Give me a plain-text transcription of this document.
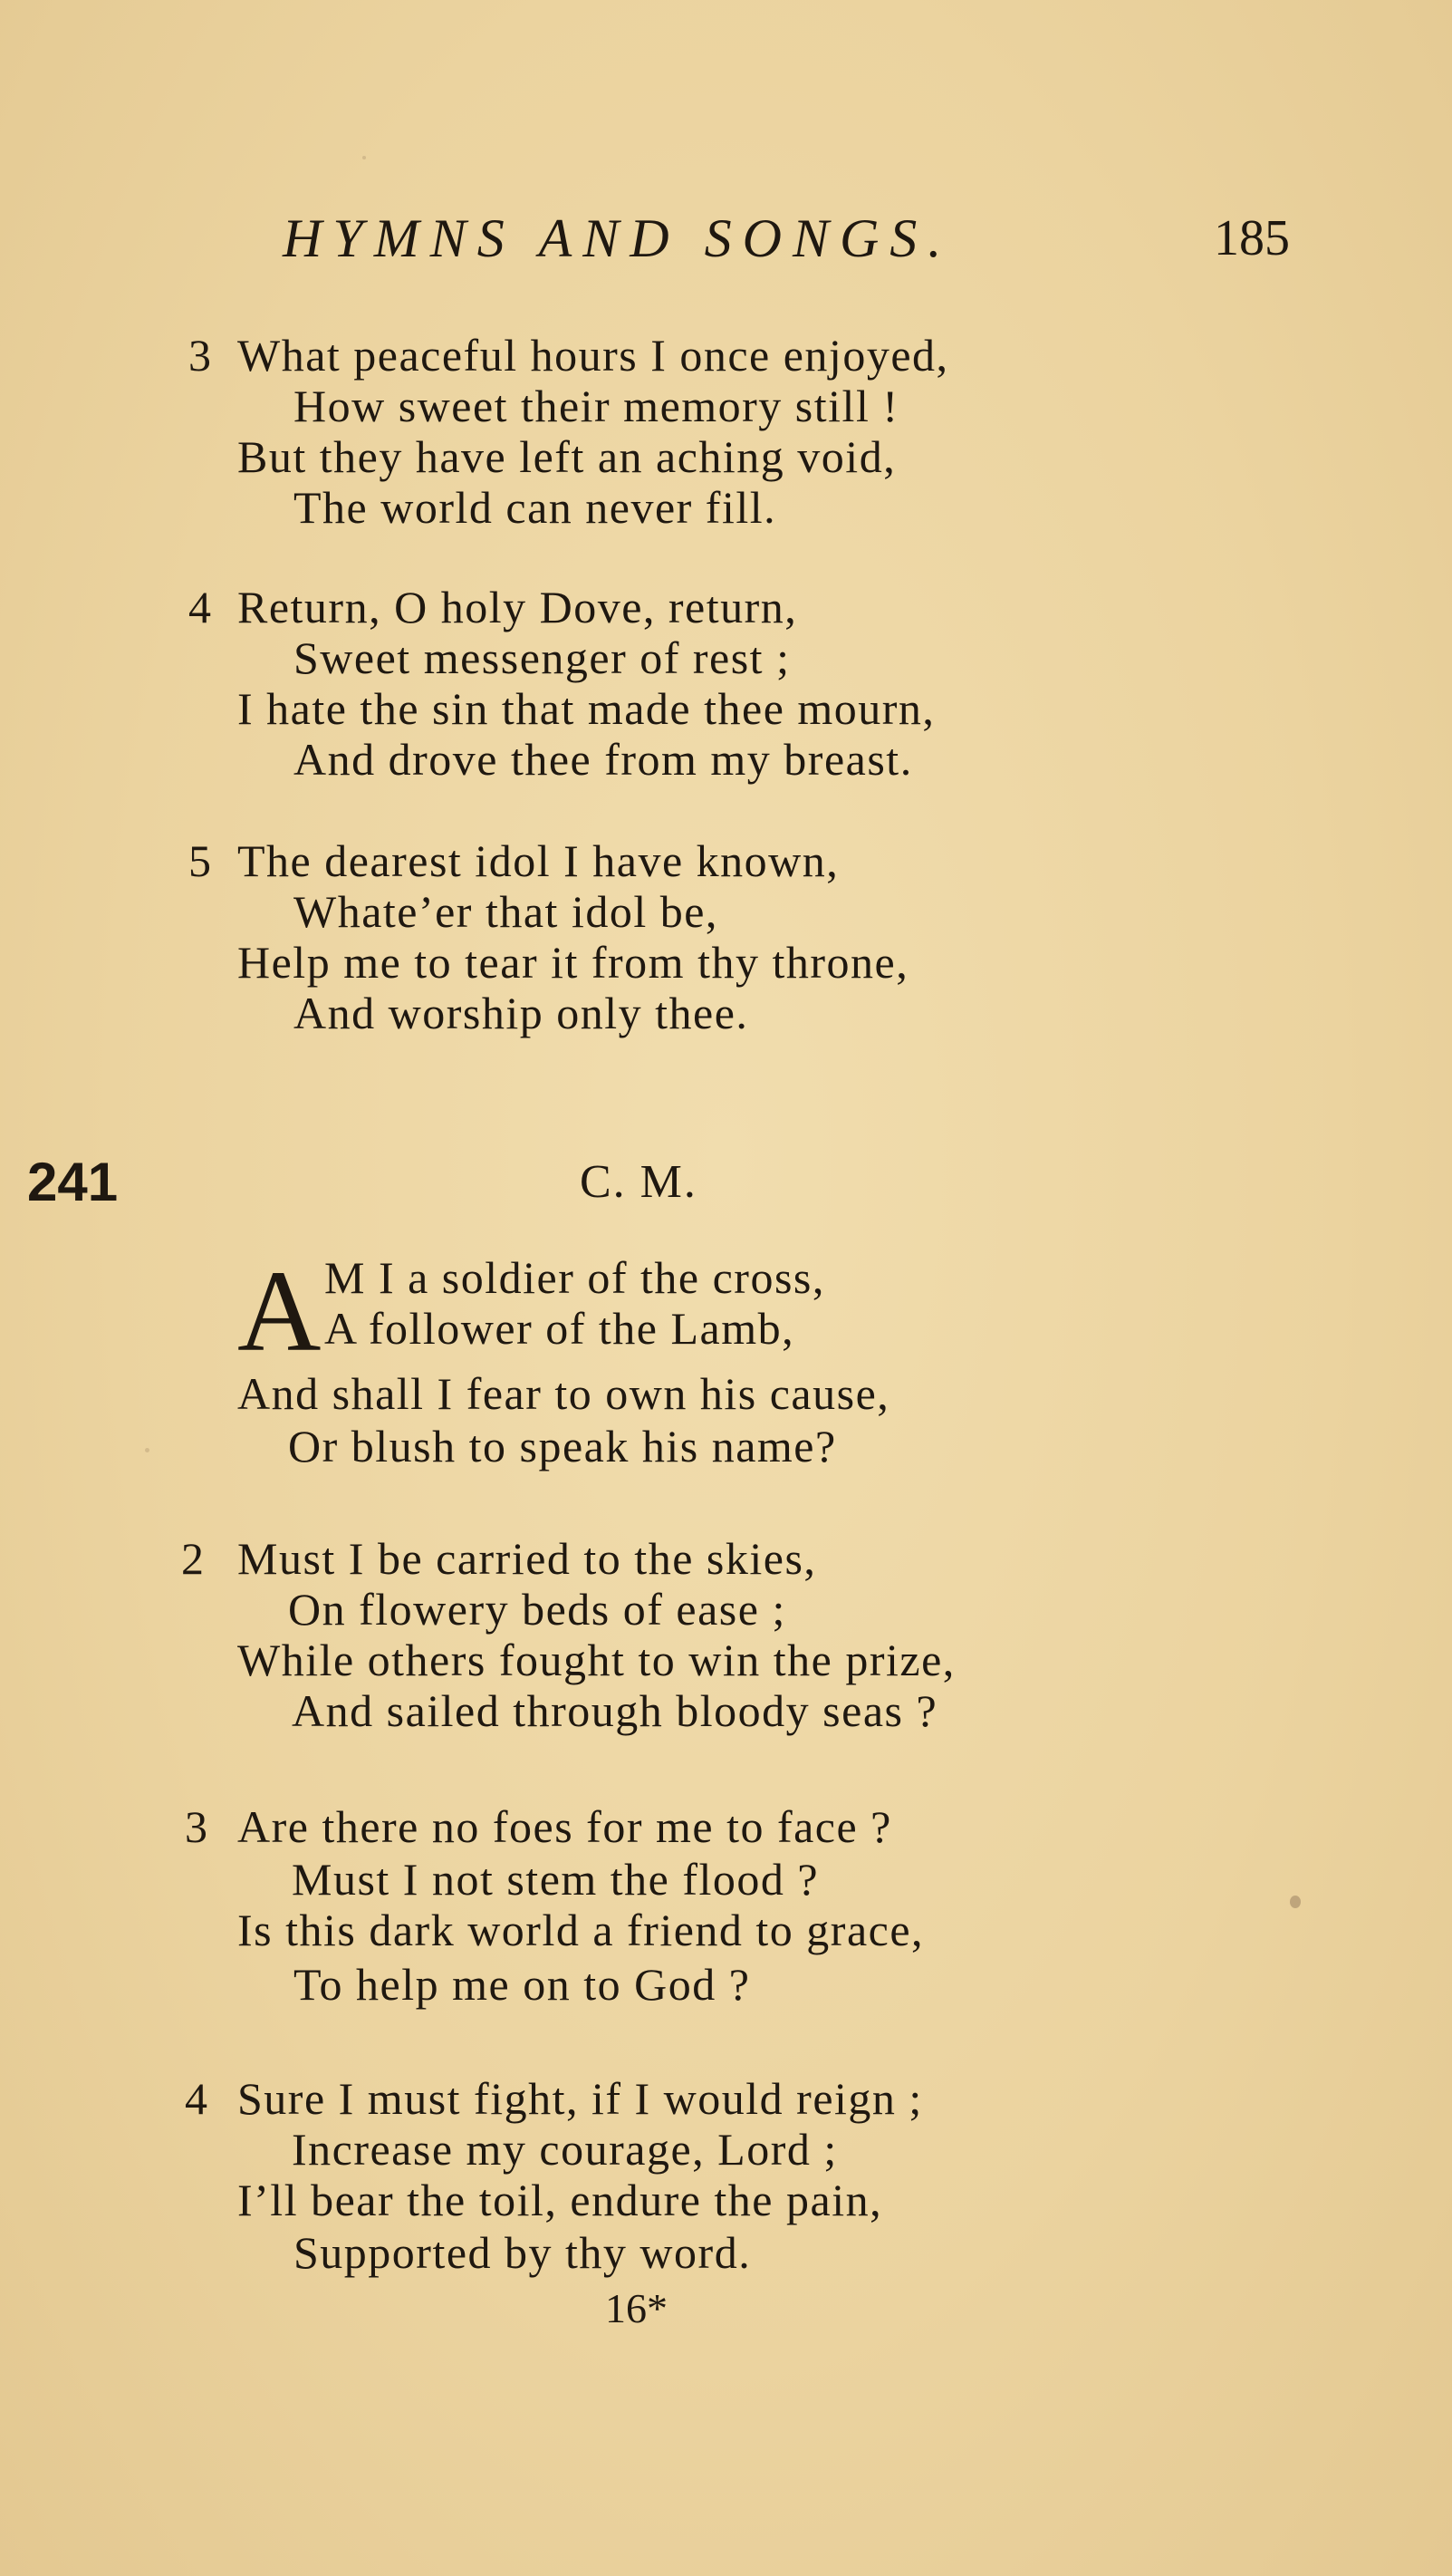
HYMNS AND SONGS.	185
3 What peaceful hours I once enjoyed,
How sweet their memory still !
But they have left an aching void,
The world can never fill.
4 Return, O holy Dove, return,
Sweet messenger of rest ;
I hate the sin that made thee mourn,
And drove thee from my breast.
5 The dearest idol I have known,
Whate’er that idol be,
Help me to tear it from thy throne,
And worship only thee.
241	C. M.
A M I a soldier of the cross,
A follower of the Lamb,
And shall I fear to own his cause,
Or blush to speak his name?
2 Must I be carried to the skies,
On flowery beds of ease ;
While others fought to win the prize,
And sailed through bloody seas ?
3 Are there no foes for me to face ?
Must I not stem the flood ?
Is this dark world a friend to grace,
To help me on to God ?
4 Sure I must fight, if I would reign ;
Increase my courage, Lord ;
I’ll bear the toil, endure the pain,
Supported by thy word.
16*
